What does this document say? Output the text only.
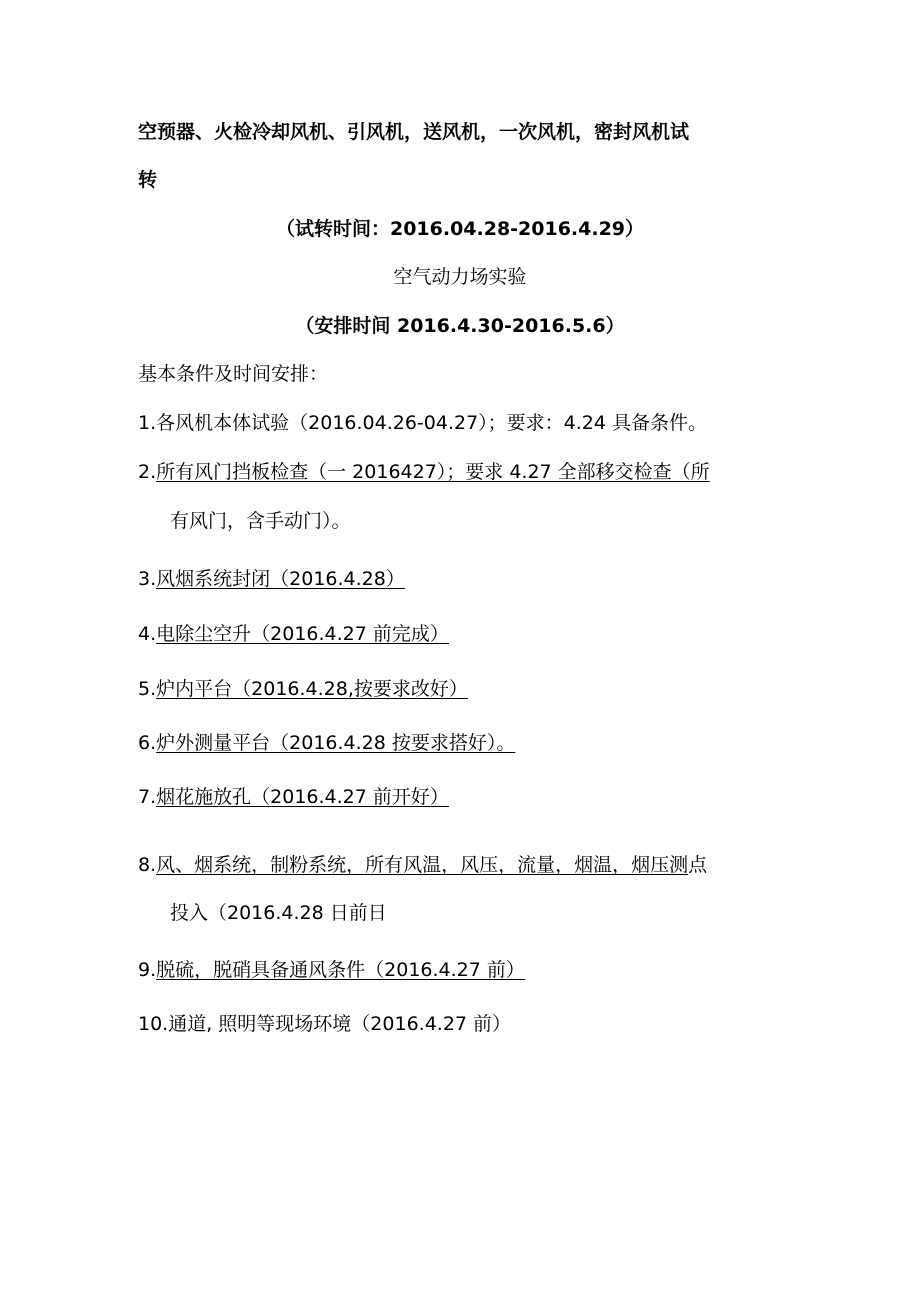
空预器、火检冷却风机、引风机，送风机，一次风机，密封风机试
转
（试转时间：2016.04.28-2016.4.29）
空气动力场实验
（安排时间 2016.4.30-2016.5.6）
基本条件及时间安排：
1.各风机本体试验（2016.04.26-04.27）；要求：4.24 具备条件。
2.所有风门挡板检查（一 2016427）；要求 4.27 全部移交检查（所
有风门，含手动门）。
3.风烟系统封闭（2016.4.28）
4.电除尘空升（2016.4.27 前完成）
5.炉内平台（2016.4.28,按要求改好）
6.炉外测量平台（2016.4.28 按要求搭好）。
7.烟花施放孔（2016.4.27 前开好）
8.风、烟系统，制粉系统，所有风温，风压，流量，烟温，烟压测点
投入（2016.4.28 日前日
9.脱硫，脱硝具备通风条件（2016.4.27 前）
10.通道, 照明等现场环境（2016.4.27 前）
